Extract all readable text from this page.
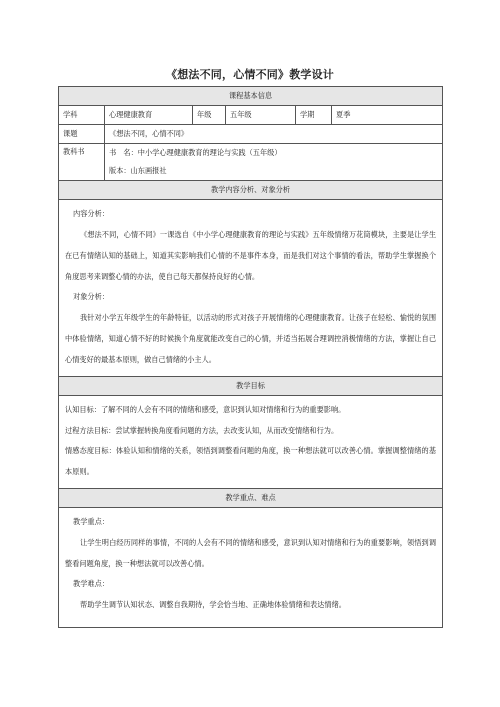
《想法不同，心情不同》教学设计
课程基本信息					
学科	心理健康教育	年级	五年级	学期	夏季
课题	《想法不同，心情不同》				
教科书	书　名：中小学心理健康教育的理论与实践（五年级）				
	版本：山东画报社				
教学内容分析、对象分析					

内容分析：

《想法不同，心情不同》一课选自《中小学心理健康教育的理论与实践》五年级情绪万花筒模块，主要是让学生在已有情绪认知的基础上，知道其实影响我们心情的不是事件本身，而是我们对这个事情的看法，帮助学生掌握换个角度思考来调整心情的办法，使自己每天都保持良好的心情。

对象分析：

我针对小学五年级学生的年龄特征，以活动的形式对孩子开展情绪的心理健康教育。让孩子在轻松、愉悦的氛围中体验情绪，知道心情不好的时候换个角度就能改变自己的心情，并适当拓展合理调控消极情绪的方法，掌握让自己心情变好的最基本原则，做自己情绪的小主人。					

教学目标					

认知目标：了解不同的人会有不同的情绪和感受，意识到认知对情绪和行为的重要影响。

过程方法目标：尝试掌握转换角度看问题的方法，去改变认知，从而改变情绪和行为。

情感态度目标：体验认知和情绪的关系，领悟到调整看问题的角度，换一种想法就可以改善心情。掌握调整情绪的基本原则。					

教学重点、难点					

教学重点：

让学生明白经历同样的事情，不同的人会有不同的情绪和感受，意识到认知对情绪和行为的重要影响，领悟到调整看问题角度，换一种想法就可以改善心情。

教学难点：

帮助学生调节认知状态、调整自我期待，学会恰当地、正确地体验情绪和表达情绪。					
